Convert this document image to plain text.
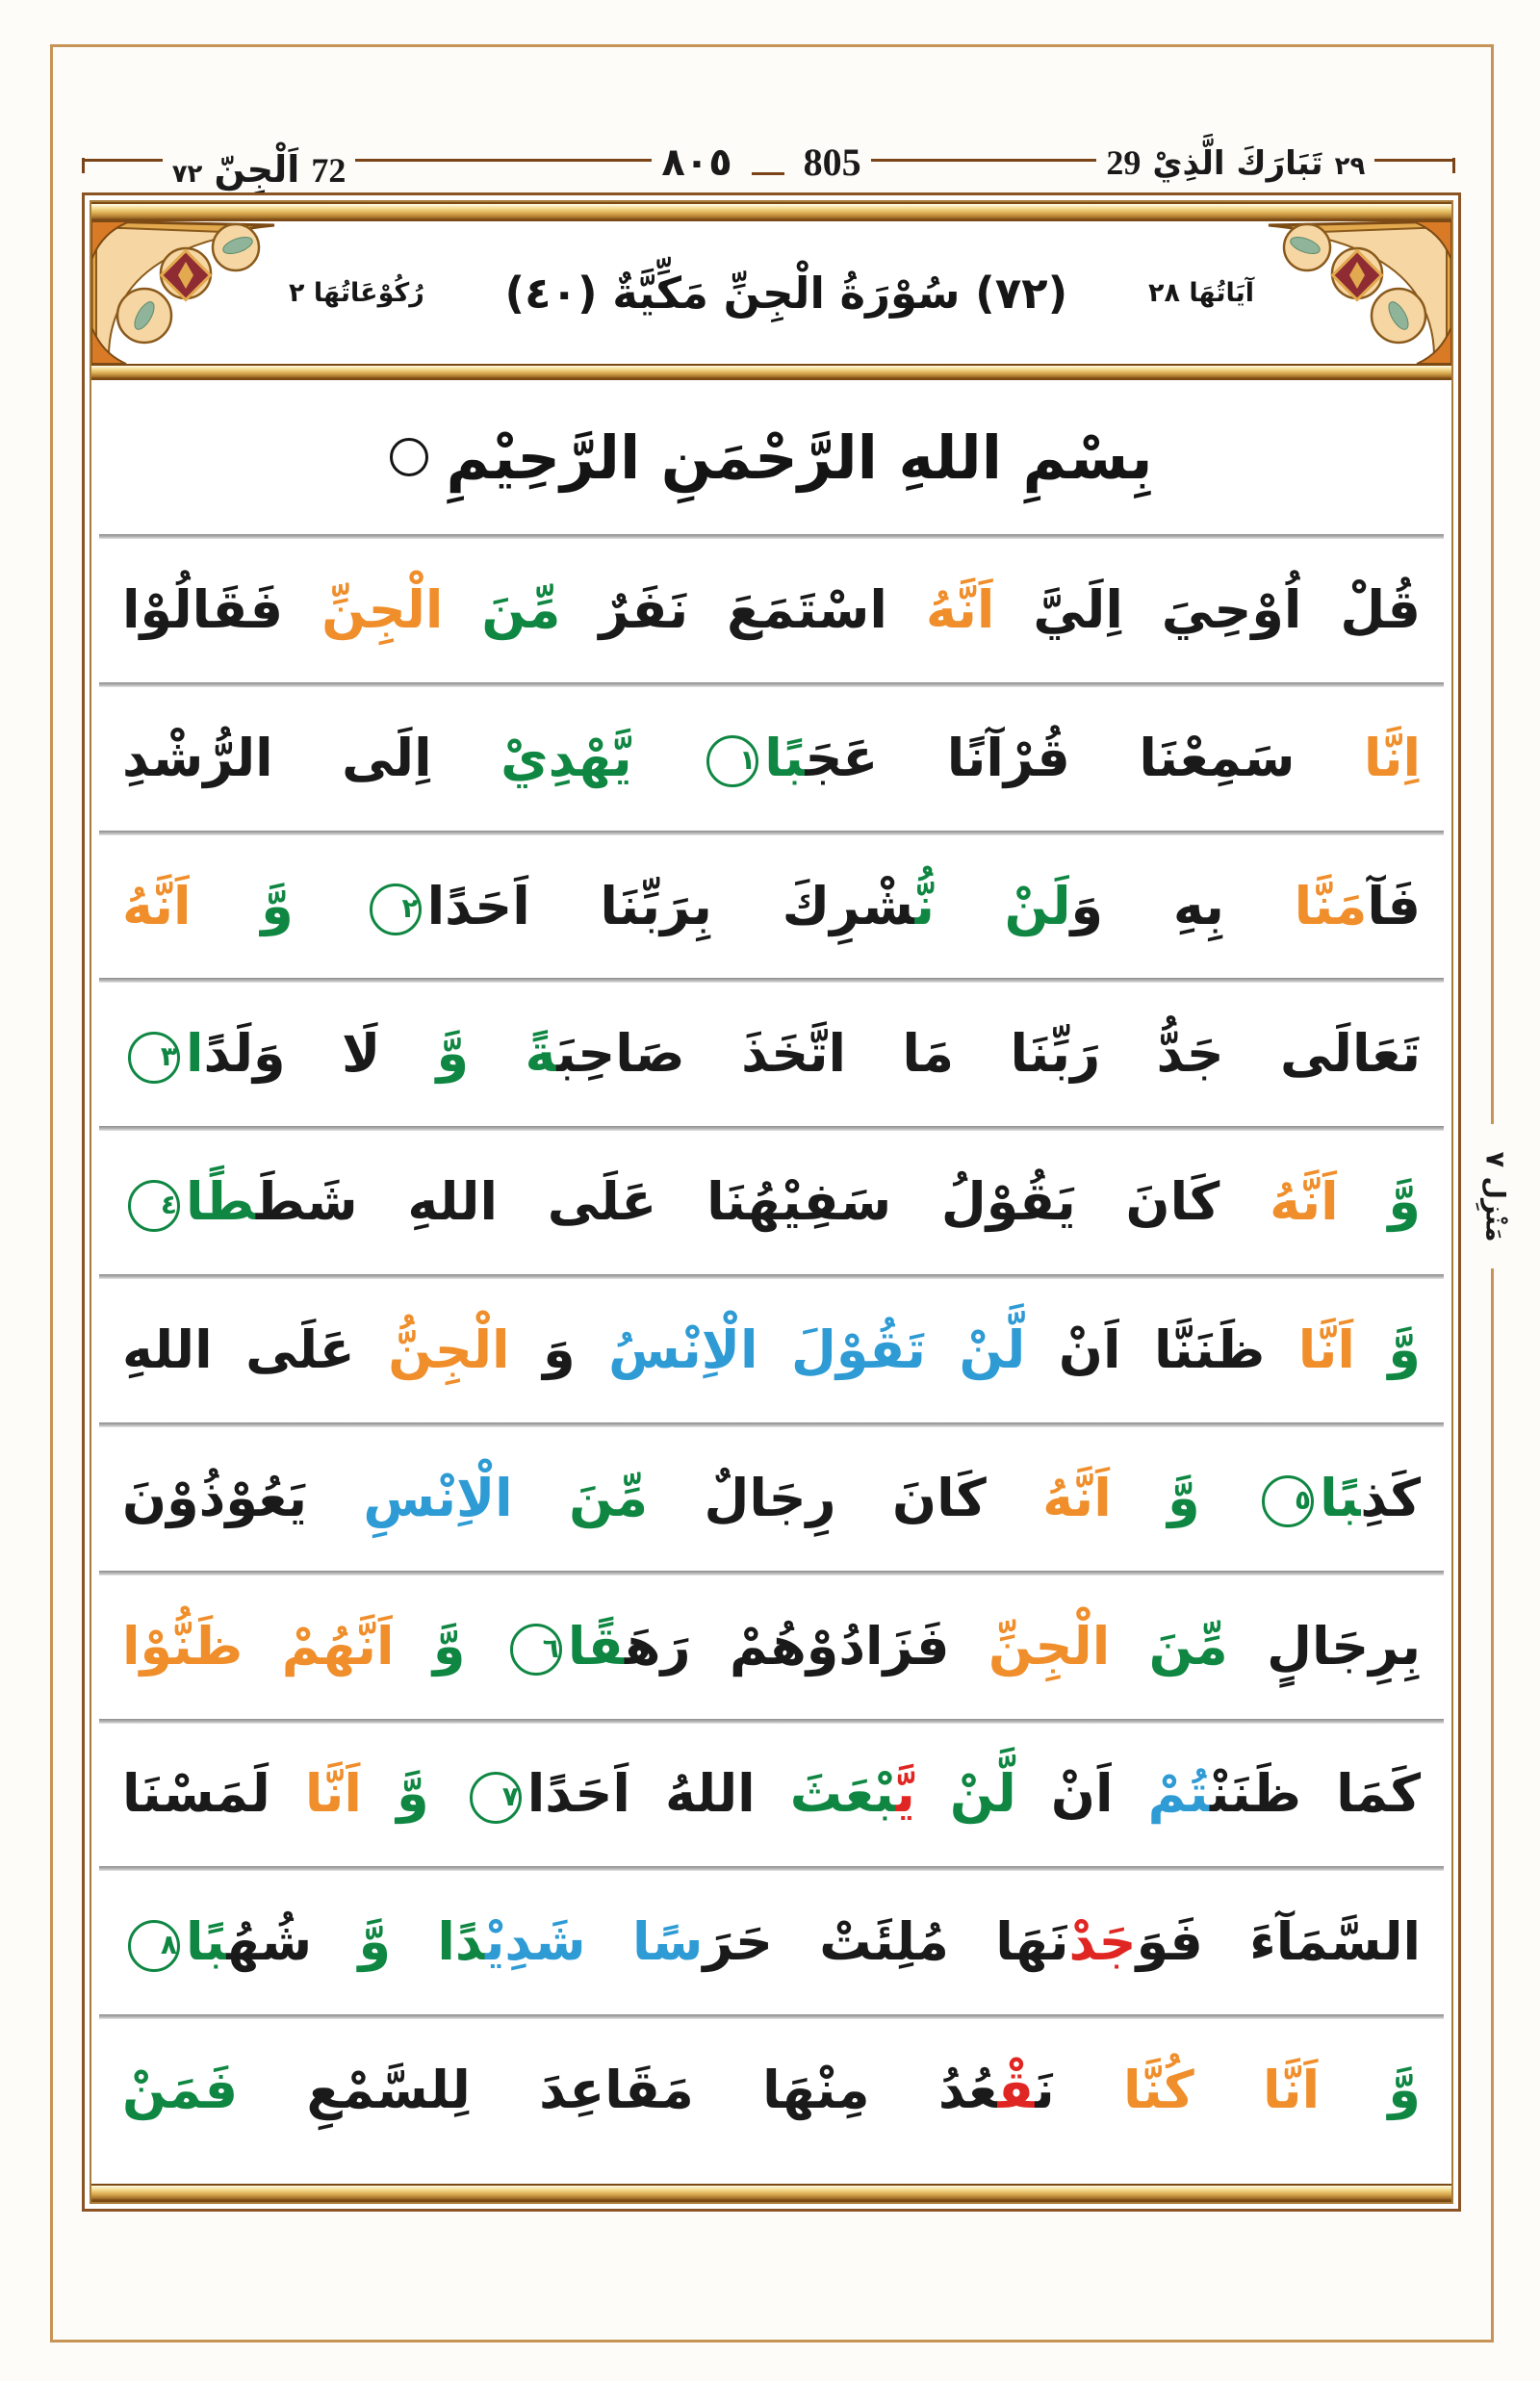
٧٢ اَلْجِنّ 72	٨٠٥ 805	29 تَبَارَكَ الَّذِيْ ٢٩
آيَاتُهَا ٢٨
(٧٢) سُوْرَةُ الْجِنِّ مَكِّيَّةٌ (٤٠)
رُكُوْعَاتُهَا ٢
بِسْمِ اللهِ الرَّحْمَنِ الرَّحِيْمِ
قُلْ اُوْحِيَ اِلَيَّ اَنَّهُ اسْتَمَعَ نَفَرٌ مِّنَ الْجِنِّ فَقَالُوْا
اِنَّا سَمِعْنَا قُرْآنًا عَجَ‍‍بًا١ يَّهْدِيْ اِلَى الرُّشْدِ
فَآمَنَّا بِهِ وَلَنْ نُّ‍‍شْرِكَ بِرَبِّنَا اَحَدًا٢ وَّ اَنَّهُ
تَعَالَى جَدُّ رَبِّنَا مَا اتَّخَذَ صَاحِبَ‍‍ةً وَّ لَا وَلَدًا٣
وَّ اَنَّهُ كَانَ يَقُوْلُ سَفِيْهُنَا عَلَى اللهِ شَطَ‍‍طًا٤
وَّ اَنَّا ظَنَنَّا اَنْ لَّنْ تَقُوْلَ الْاِنْسُ وَ الْجِنُّ عَلَى اللهِ
كَذِ‍‍بًا٥ وَّ اَنَّهُ كَانَ رِجَالٌ مِّنَ الْاِنْسِ يَعُوْذُوْنَ
بِرِجَالٍ مِّنَ الْجِنِّ فَزَادُوْهُمْ رَهَ‍‍قًا٦ وَّ اَنَّهُمْ ظَنُّوْا
كَمَا ظَنَنْ‍‍تُمْ اَنْ لَّنْ يَّ‍‍بْعَثَ اللهُ اَحَدًا٧ وَّ اَنَّا لَمَسْنَا
السَّمَآءَ فَوَجَدْنَهَا مُلِئَتْ حَرَسًا شَدِيْ‍‍دًا وَّ شُهُ‍‍بًا٨
وَّ اَنَّا كُنَّا نَ‍‍قْ‍‍عُدُ مِنْهَا مَقَاعِدَ لِلسَّمْعِ فَمَنْ
مَنْزِل ٧
